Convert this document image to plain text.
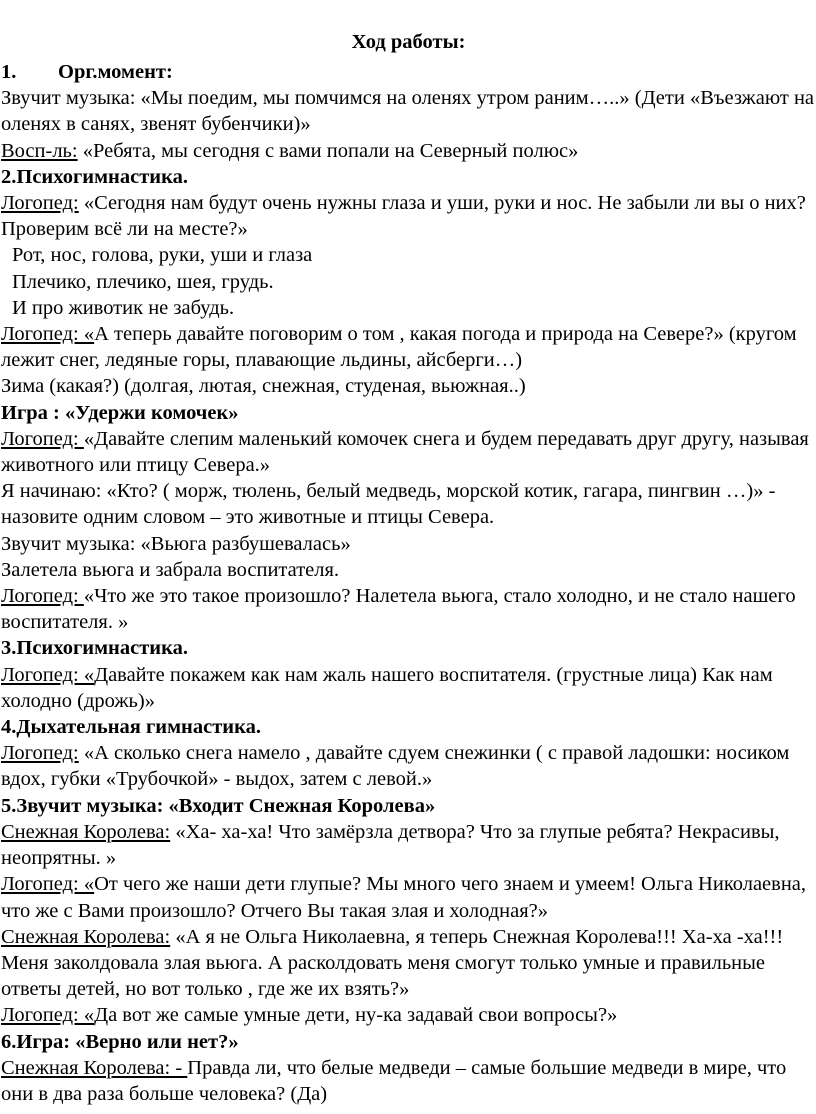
Ход работы:

1. Орг.момент:

Звучит музыка: «Мы поедим, мы помчимся на оленях утром раним…..» (Дети «Въезжают на оленях в санях, звенят бубенчики)»

Восп-ль: «Ребята, мы сегодня с вами попали на Северный полюс»

2.Психогимнастика.

Логопед: «Сегодня нам будут очень нужны глаза и уши, руки и нос. Не забыли ли вы о них? Проверим всё ли на месте?»

Рот, нос, голова, руки, уши и глаза

Плечико, плечико, шея, грудь.

И про животик не забудь.

Логопед: «А теперь давайте поговорим о том , какая погода и природа на Севере?» (кругом лежит снег, ледяные горы, плавающие льдины, айсберги…)

Зима (какая?) (долгая, лютая, снежная, студеная, вьюжная..)

Игра : «Удержи комочек»

Логопед: «Давайте слепим маленький комочек снега и будем передавать друг другу, называя животного или птицу Севера.»

Я начинаю: «Кто? ( морж, тюлень, белый медведь, морской котик, гагара, пингвин …)» - назовите одним словом – это животные и птицы Севера.

Звучит музыка: «Вьюга разбушевалась»

Залетела вьюга и забрала воспитателя.

Логопед: «Что же это такое произошло? Налетела вьюга, стало холодно, и не стало нашего воспитателя. »

3.Психогимнастика.

Логопед: «Давайте покажем как нам жаль нашего воспитателя. (грустные лица) Как нам холодно (дрожь)»

4.Дыхательная гимнастика.

Логопед: «А сколько снега намело , давайте сдуем снежинки ( с правой ладошки: носиком вдох, губки «Трубочкой» - выдох, затем с левой.»

5.Звучит музыка: «Входит Снежная Королева»

Снежная Королева: «Ха- ха-ха! Что замёрзла детвора? Что за глупые ребята? Некрасивы, неопрятны. »

Логопед: «От чего же наши дети глупые? Мы много чего знаем и умеем! Ольга Николаевна, что же с Вами произошло? Отчего Вы такая злая и холодная?»

Снежная Королева: «А я не Ольга Николаевна, я теперь Снежная Королева!!! Ха-ха -ха!!! Меня заколдовала злая вьюга. А расколдовать меня смогут только умные и правильные ответы детей, но вот только , где же их взять?»

Логопед: «Да вот же самые умные дети, ну-ка задавай свои вопросы?»

6.Игра: «Верно или нет?»

Снежная Королева: - Правда ли, что белые медведи – самые большие медведи в мире, что они в два раза больше человека? (Да)
